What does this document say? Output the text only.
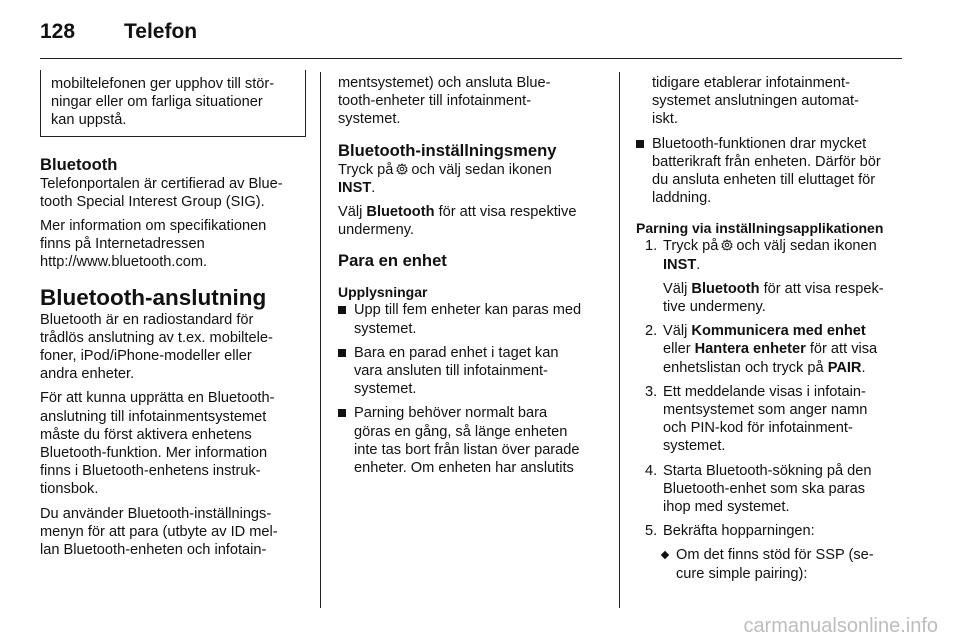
128 Telefon
mobiltelefonen ger upphov till stör-
ningar eller om farliga situationer
kan uppstå.
Bluetooth
Telefonportalen är certifierad av Blue-
tooth Special Interest Group (SIG).
Mer information om specifikationen
finns på Internetadressen
http://www.bluetooth.com.
Bluetooth-anslutning
Bluetooth är en radiostandard för
trådlös anslutning av t.ex. mobiltele-
foner, iPod/iPhone-modeller eller
andra enheter.
För att kunna upprätta en Bluetooth-
anslutning till infotainmentsystemet
måste du först aktivera enhetens
Bluetooth-funktion. Mer information
finns i Bluetooth-enhetens instruk-
tionsbok.
Du använder Bluetooth-inställnings-
menyn för att para (utbyte av ID mel-
lan Bluetooth-enheten och infotain-
mentsystemet) och ansluta Blue-
tooth-enheter till infotainment-
systemet.
Bluetooth-inställningsmeny
Tryck på och välj sedan ikonen
INST.
Välj Bluetooth för att visa respektive
undermeny.
Para en enhet
Upplysningar
Upp till fem enheter kan paras med
systemet.
Bara en parad enhet i taget kan
vara ansluten till infotainment-
systemet.
Parning behöver normalt bara
göras en gång, så länge enheten
inte tas bort från listan över parade
enheter. Om enheten har anslutits
tidigare etablerar infotainment-
systemet anslutningen automat-
iskt.
Bluetooth-funktionen drar mycket
batterikraft från enheten. Därför bör
du ansluta enheten till eluttaget för
laddning.
Parning via inställningsapplikationen
1. Tryck på och välj sedan ikonen
INST.
Välj Bluetooth för att visa respek-
tive undermeny.
2. Välj Kommunicera med enhet
eller Hantera enheter för att visa
enhetslistan och tryck på PAIR.
3. Ett meddelande visas i infotain-
mentsystemet som anger namn
och PIN-kod för infotainment-
systemet.
4. Starta Bluetooth-sökning på den
Bluetooth-enhet som ska paras
ihop med systemet.
5. Bekräfta hopparningen:
Om det finns stöd för SSP (se-
cure simple pairing):
carmanualsonline.info
